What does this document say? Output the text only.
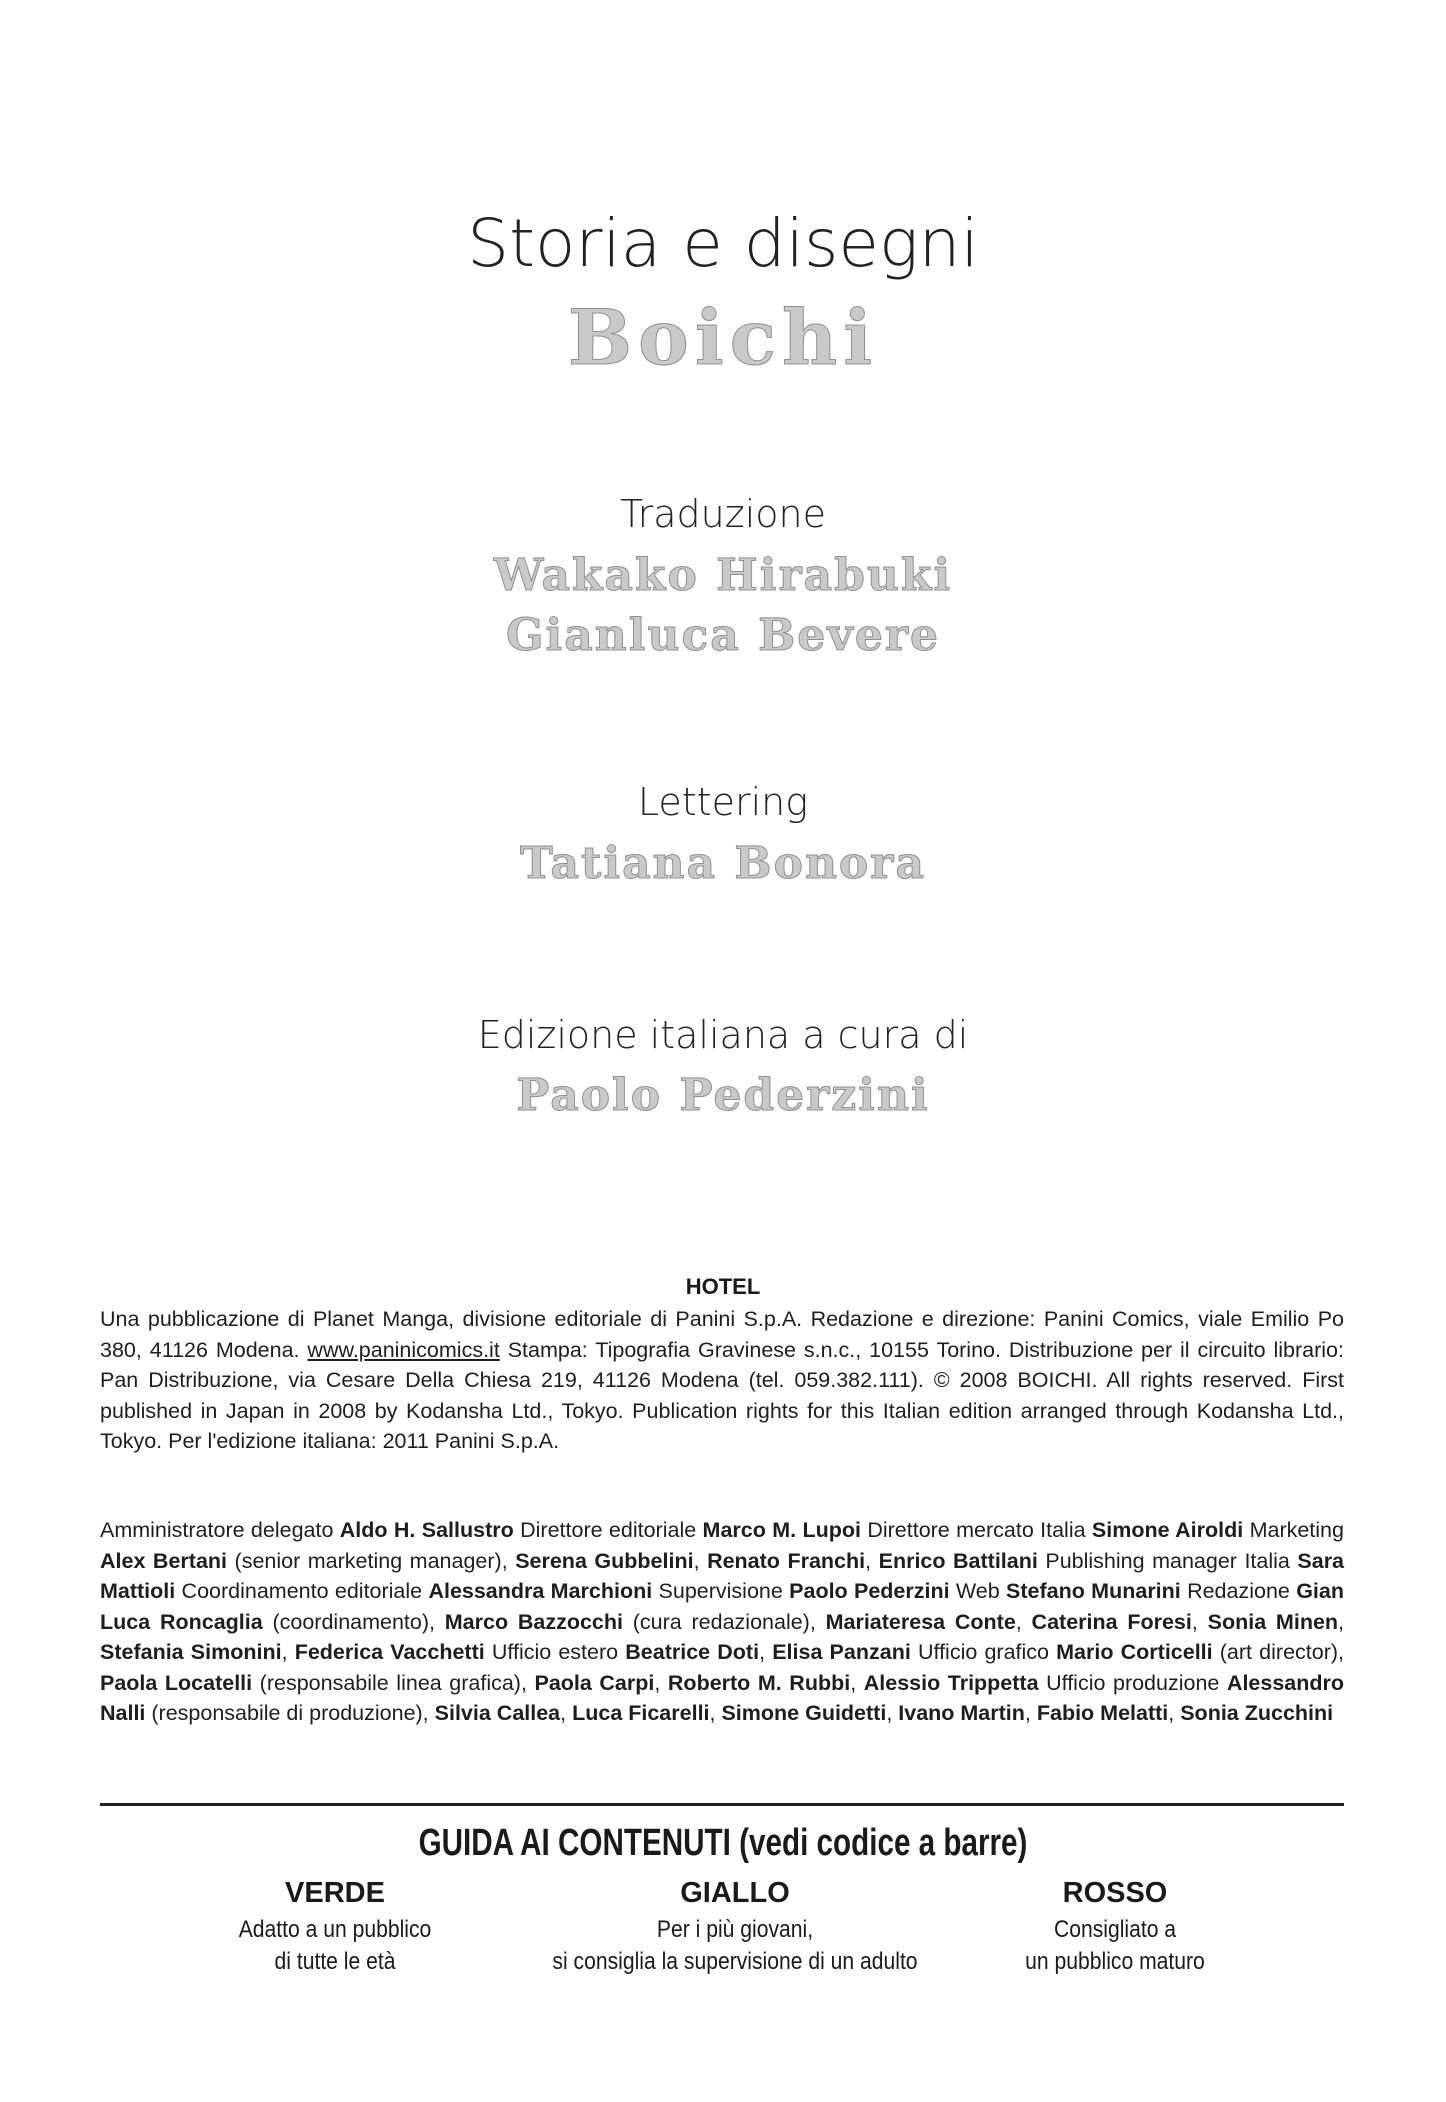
Storia e disegni
Boichi
Traduzione
Wakako Hirabuki
Gianluca Bevere
Lettering
Tatiana Bonora
Edizione italiana a cura di
Paolo Pederzini
HOTEL
Una pubblicazione di Planet Manga, divisione editoriale di Panini S.p.A. Redazione e direzione: Panini Comics, viale Emilio Po 380, 41126 Modena. www.paninicomics.it Stampa: Tipografia Gravinese s.n.c., 10155 Torino. Distribuzione per il circuito librario: Pan Distribuzione, via Cesare Della Chiesa 219, 41126 Modena (tel. 059.382.111). © 2008 BOICHI. All rights reserved. First published in Japan in 2008 by Kodansha Ltd., Tokyo. Publication rights for this Italian edition arranged through Kodansha Ltd., Tokyo. Per l'edizione italiana: 2011 Panini S.p.A.
Amministratore delegato Aldo H. Sallustro Direttore editoriale Marco M. Lupoi Direttore mercato Italia Simone Airoldi Marketing Alex Bertani (senior marketing manager), Serena Gubbelini, Renato Franchi, Enrico Battilani Publishing manager Italia Sara Mattioli Coordinamento editoriale Alessandra Marchioni Supervisione Paolo Pederzini Web Stefano Munarini Redazione Gian Luca Roncaglia (coordinamento), Marco Bazzocchi (cura redazionale), Mariateresa Conte, Caterina Foresi, Sonia Minen, Stefania Simonini, Federica Vacchetti Ufficio estero Beatrice Doti, Elisa Panzani Ufficio grafico Mario Corticelli (art director), Paola Locatelli (responsabile linea grafica), Paola Carpi, Roberto M. Rubbi, Alessio Trippetta Ufficio produzione Alessandro Nalli (responsabile di produzione), Silvia Callea, Luca Ficarelli, Simone Guidetti, Ivano Martin, Fabio Melatti, Sonia Zucchini
GUIDA AI CONTENUTI (vedi codice a barre)
VERDE
Adatto a un pubblico
di tutte le età
GIALLO
Per i più giovani,
si consiglia la supervisione di un adulto
ROSSO
Consigliato a
un pubblico maturo
